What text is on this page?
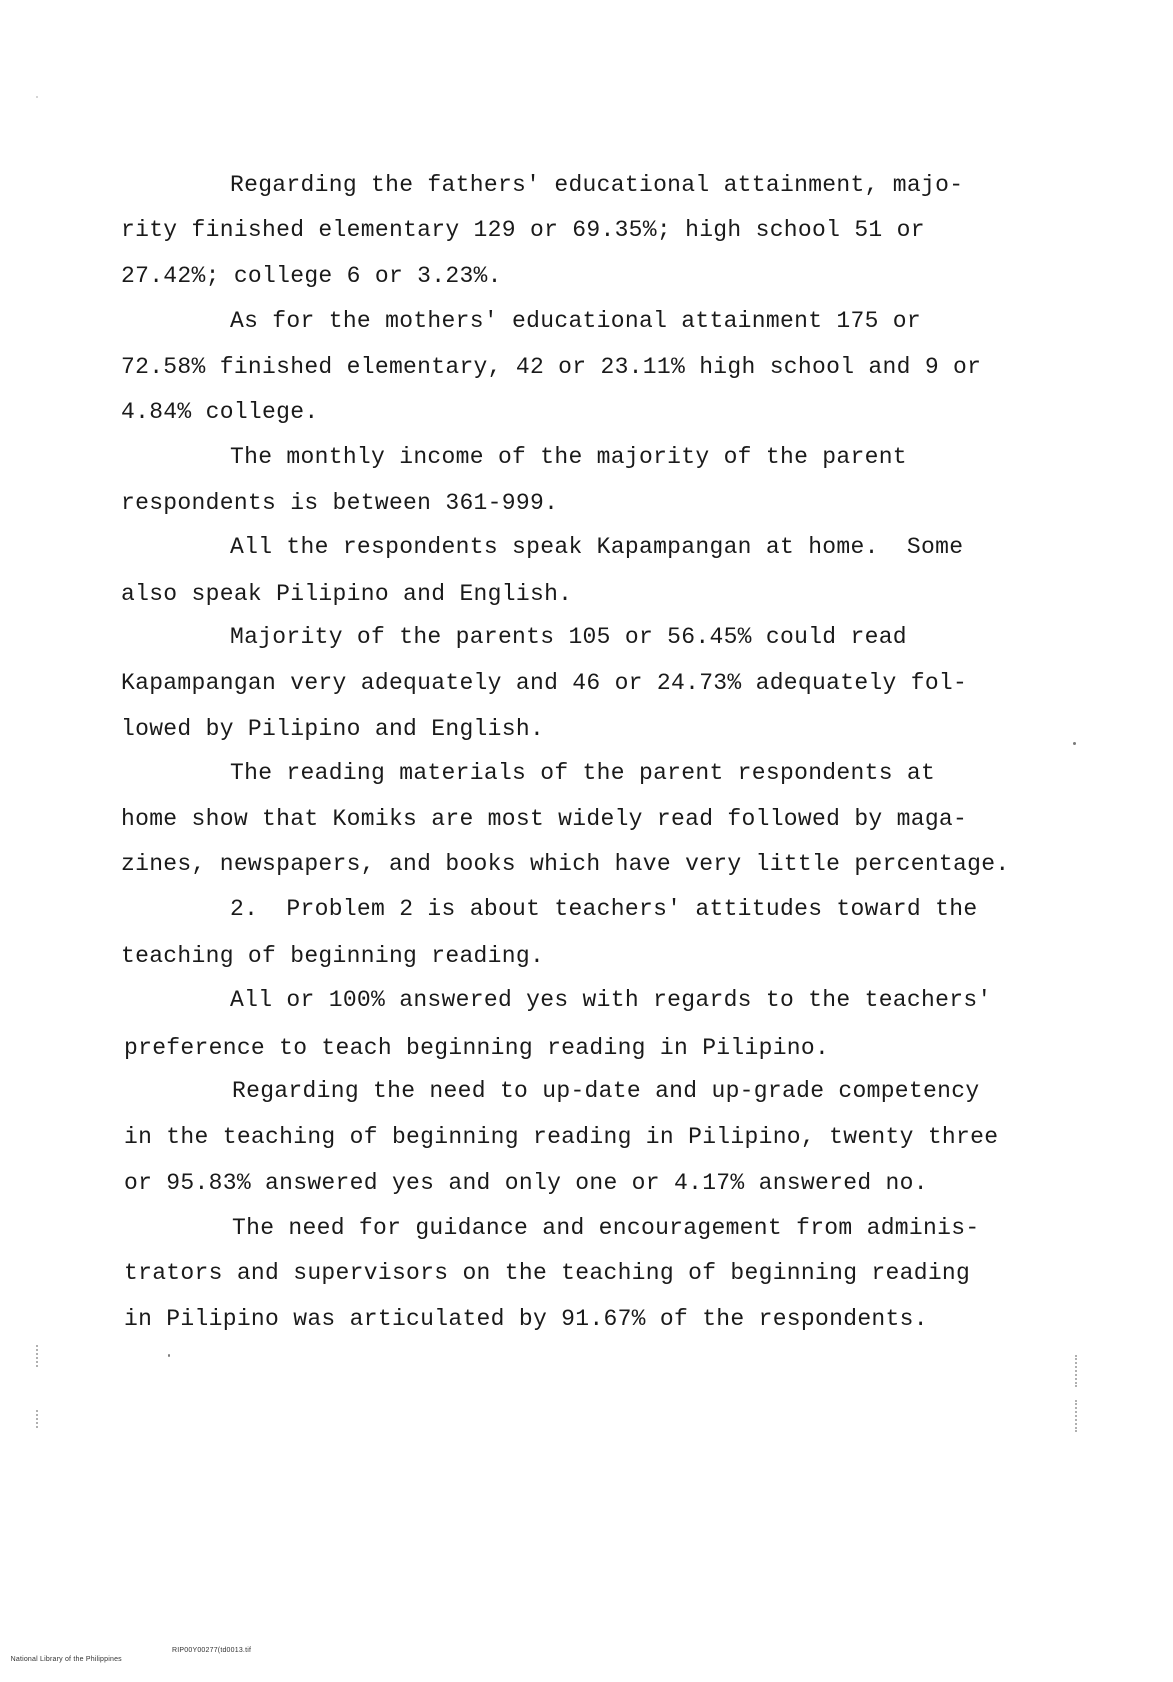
Regarding the fathers' educational attainment, majo-
rity finished elementary 129 or 69.35%; high school 51 or
27.42%; college 6 or 3.23%.
As for the mothers' educational attainment 175 or
72.58% finished elementary, 42 or 23.11% high school and 9 or
4.84% college.
The monthly income of the majority of the parent
respondents is between 361-999.
All the respondents speak Kapampangan at home.  Some
also speak Pilipino and English.
Majority of the parents 105 or 56.45% could read
Kapampangan very adequately and 46 or 24.73% adequately fol-
lowed by Pilipino and English.
The reading materials of the parent respondents at
home show that Komiks are most widely read followed by maga-
zines, newspapers, and books which have very little percentage.
2.  Problem 2 is about teachers' attitudes toward the
teaching of beginning reading.
All or 100% answered yes with regards to the teachers'
preference to teach beginning reading in Pilipino.
Regarding the need to up-date and up-grade competency
in the teaching of beginning reading in Pilipino, twenty three
or 95.83% answered yes and only one or 4.17% answered no.
The need for guidance and encouragement from adminis-
trators and supervisors on the teaching of beginning reading
in Pilipino was articulated by 91.67% of the respondents.

National Library of the Philippines

RIP00Y00277(td0013.tif
